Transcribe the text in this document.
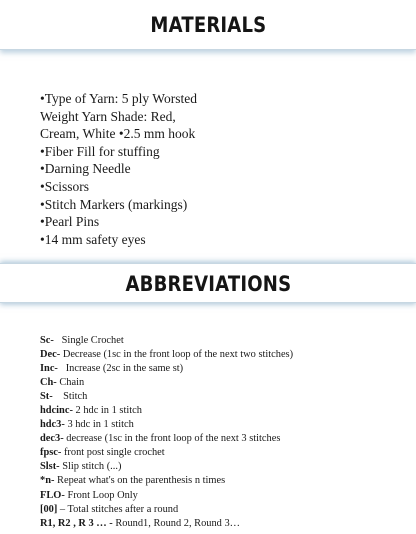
MATERIALS
•Type of Yarn: 5 ply Worsted
Weight Yarn Shade: Red,
Cream, White •2.5 mm hook
•Fiber Fill for stuffing
•Darning Needle
•Scissors
•Stitch Markers (markings)
•Pearl Pins
•14 mm safety eyes
ABBREVIATIONS
Sc- Single Crochet
Dec- Decrease (1sc in the front loop of the next two stitches)
Inc- Increase (2sc in the same st)
Ch- Chain
St- Stitch
hdcinc- 2 hdc in 1 stitch
hdc3- 3 hdc in 1 stitch
dec3- decrease (1sc in the front loop of the next 3 stitches
fpsc- front post single crochet
Slst- Slip stitch (...)
*n- Repeat what's on the parenthesis n times
FLO- Front Loop Only
[00] – Total stitches after a round
R1, R2 , R 3 … - Round1, Round 2, Round 3…
